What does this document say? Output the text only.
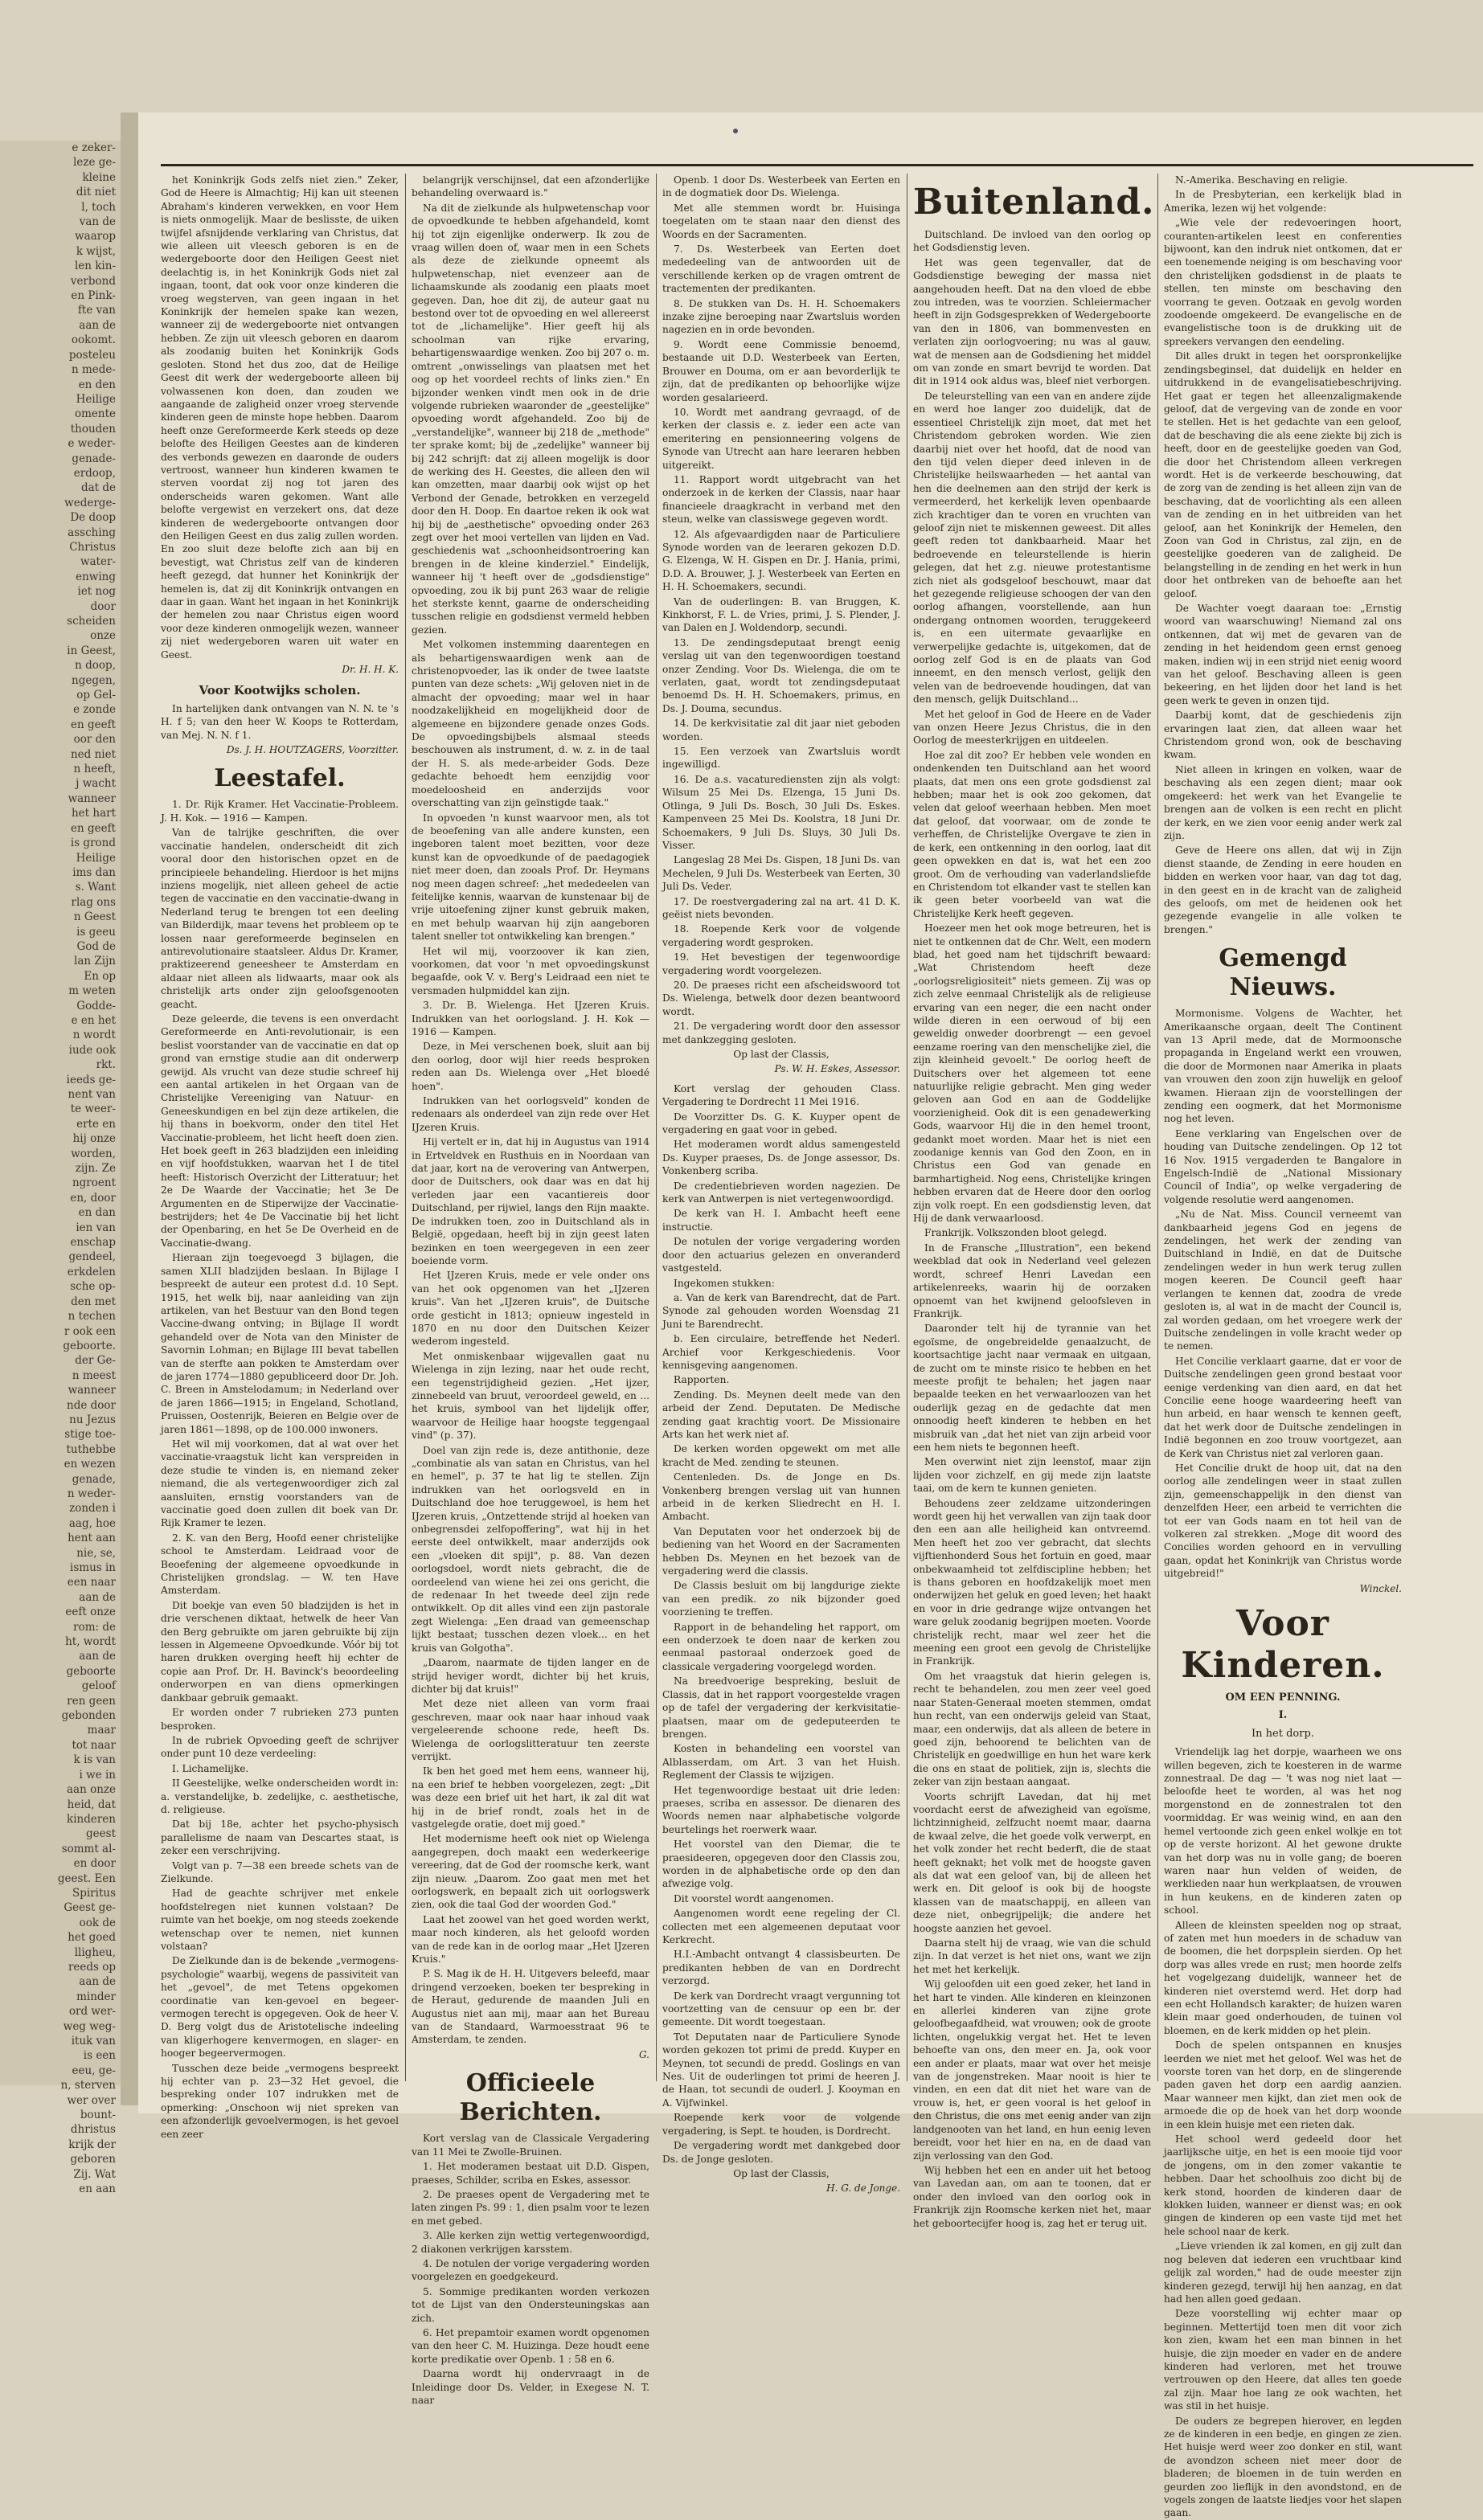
e zeker-

leze ge-

kleine

dit niet

l, toch

van de

waarop

k wijst,

len kin-

verbond

en Pink-

fte van

aan de

ookomt.

posteleu

n mede-

en den

Heilige

omente

thouden

e weder-

genade-

erdoop,

dat de

wederge-

De doop

assching

Christus

water-

enwing

iet nog

door

scheiden

onze

in Geest,

n doop,

ngegen,

op Gel-

e zonde

en geeft

oor den

ned niet

n heeft,

j wacht

wanneer

het hart

en geeft

is grond

Heilige

ims dan

s. Want

rlag ons

n Geest

is geeu

God de

lan Zijn

En op

m weten

Godde-

e en het

n wordt

iude ook

rkt.

ieeds ge-

nent van

te weer-

erte en

hij onze

worden,

zijn. Ze

ngroent

en, door

en dan

ien van

enschap

gendeel,

erkdelen

sche op-

den met

n techen

r ook een

geboorte.

der Ge-

n meest

wanneer

nde door

nu Jezus

stige toe-

tuthebbe

en wezen

genade,

n weder-

zonden i

aag, hoe

hent aan

nie, se,

ismus in

een naar

aan de

eeft onze

rom: de

ht, wordt

aan de

geboorte

geloof

ren geen

gebonden

maar

tot naar

k is van

i we in

aan onze

heid, dat

kinderen

geest

sommt al-

en door

geest. Een

Spiritus

Geest ge-

ook de

het goed

lligheu,

reeds op

aan de

minder

ord wer-

weg weg-

ituk van

is een

eeu, ge-

n, sterven

wer over

bount-

dhristus

krijk der

geboren

Zij. Wat

en aan

het Koninkrijk Gods zelfs niet zien." Zeker, God de Heere is Almachtig; Hij kan uit steenen Abraham's kinderen verwekken, en voor Hem is niets onmogelijk. Maar de beslisste, de uiken twijfel afsnijdende verklaring van Christus, dat wie alleen uit vleesch geboren is en de wedergeboorte door den Heiligen Geest niet deelachtig is, in het Koninkrijk Gods niet zal ingaan, toont, dat ook voor onze kinderen die vroeg wegsterven, van geen ingaan in het Koninkrijk der hemelen spake kan wezen, wanneer zij de wedergeboorte niet ontvangen hebben. Ze zijn uit vleesch geboren en daarom als zoodanig buiten het Koninkrijk Gods gesloten. Stond het dus zoo, dat de Heilige Geest dit werk der wedergeboorte alleen bij volwassenen kon doen, dan zouden we aangaande de zaligheid onzer vroeg stervende kinderen geen de minste hope hebben. Daarom heeft onze Gereformeerde Kerk steeds op deze belofte des Heiligen Geestes aan de kinderen des verbonds gewezen en daaronde de ouders vertroost, wanneer hun kinderen kwamen te sterven voordat zij nog tot jaren des onderscheids waren gekomen. Want alle belofte vergewist en verzekert ons, dat deze kinderen de wedergeboorte ontvangen door den Heiligen Geest en dus zalig zullen worden. En zoo sluit deze belofte zich aan bij en bevestigt, wat Christus zelf van de kinderen heeft gezegd, dat hunner het Koninkrijk der hemelen is, dat zij dit Koninkrijk ontvangen en daar in gaan. Want het ingaan in het Koninkrijk der hemelen zou naar Christus eigen woord voor deze kinderen onmogelijk wezen, wanneer zij niet wedergeboren waren uit water en Geest.

Dr. H. H. K.
Voor Kootwijks scholen.

In hartelijken dank ontvangen van N. N. te 's H. f 5; van den heer W. Koops te Rotterdam, van Mej. N. N. f 1.

Ds. J. H. HOUTZAGERS, Voorzitter.
Leestafel.

1. Dr. Rijk Kramer. Het Vaccinatie-Probleem. J. H. Kok. — 1916 — Kampen.

Van de talrijke geschriften, die over vaccinatie handelen, onderscheidt dit zich vooral door den historischen opzet en de principieele behandeling. Hierdoor is het mijns inziens mogelijk, niet alleen geheel de actie tegen de vaccinatie en den vaccinatie-dwang in Nederland terug te brengen tot een deeling van Bilderdijk, maar tevens het probleem op te lossen naar gereformeerde beginselen en antirevolutionaire staatsleer. Aldus Dr. Kramer, praktizeerend geneesheer te Amsterdam en aldaar niet alleen als lidwaarts, maar ook als christelijk arts onder zijn geloofsgenooten geacht.

Deze geleerde, die tevens is een onverdacht Gereformeerde en Anti-revolutionair, is een beslist voorstander van de vaccinatie en dat op grond van ernstige studie aan dit onderwerp gewijd. Als vrucht van deze studie schreef hij een aantal artikelen in het Orgaan van de Christelijke Vereeniging van Natuur- en Geneeskundigen en bel zijn deze artikelen, die hij thans in boekvorm, onder den titel Het Vaccinatie-probleem, het licht heeft doen zien. Het boek geeft in 263 bladzijden een inleiding en vijf hoofdstukken, waarvan het I de titel heeft: Historisch Overzicht der Litteratuur; het 2e De Waarde der Vaccinatie; het 3e De Argumenten en de Stiperwijze der Vaccinatie-bestrijders; het 4e De Vaccinatie bij het licht der Openbaring, en het 5e De Overheid en de Vaccinatie-dwang.

Hieraan zijn toegevoegd 3 bijlagen, die samen XLII bladzijden beslaan. In Bijlage I bespreekt de auteur een protest d.d. 10 Sept. 1915, het welk bij, naar aanleiding van zijn artikelen, van het Bestuur van den Bond tegen Vaccine-dwang ontving; in Bijlage II wordt gehandeld over de Nota van den Minister de Savornin Lohman; en Bijlage III bevat tabellen van de sterfte aan pokken te Amsterdam over de jaren 1774—1880 gepubliceerd door Dr. Joh. C. Breen in Amstelodamum; in Nederland over de jaren 1866—1915; in Engeland, Schotland, Pruissen, Oostenrijk, Beieren en Belgie over de jaren 1861—1898, op de 100.000 inwoners.

Het wil mij voorkomen, dat al wat over het vaccinatie-vraagstuk licht kan verspreiden in deze studie te vinden is, en niemand zeker niemand, die als vertegenwoordiger zich zal aansluiten, ernstig voorstanders van de vaccinatie goed doen zullen dit boek van Dr. Rijk Kramer te lezen.

2. K. van den Berg, Hoofd eener christelijke school te Amsterdam. Leidraad voor de Beoefening der algemeene opvoedkunde in Christelijken grondslag. — W. ten Have Amsterdam.

Dit boekje van even 50 bladzijden is het in drie verschenen diktaat, hetwelk de heer Van den Berg gebruikte om jaren gebruikte bij zijn lessen in Algemeene Opvoedkunde. Vóór bij tot haren drukken overging heeft hij echter de copie aan Prof. Dr. H. Bavinck's beoordeeling onderworpen en van diens opmerkingen dankbaar gebruik gemaakt.

Er worden onder 7 rubrieken 273 punten besproken.

In de rubriek Opvoeding geeft de schrijver onder punt 10 deze verdeeling:

I. Lichamelijke.

II Geestelijke, welke onderscheiden wordt in: a. verstandelijke, b. zedelijke, c. aesthetische, d. religieuse.

Dat bij 18e, achter het psycho-physisch parallelisme de naam van Descartes staat, is zeker een verschrijving.

Volgt van p. 7—38 een breede schets van de Zielkunde.

Had de geachte schrijver met enkele hoofdstelregen niet kunnen volstaan? De ruimte van het boekje, om nog steeds zoekende wetenschap over te nemen, niet kunnen volstaan?

De Zielkunde dan is de bekende „vermogens-psychologie" waarbij, wegens de passiviteit van het „gevoel", de met Tetens opgekomen coordinatie van ken-gevoel en begeer-vermogen terecht is opgegeven. Ook de heer V. D. Berg volgt dus de Aristotelische indeeling van kligerhogere kenvermogen, en slager- en hooger begeervermogen.

Tusschen deze beide „vermogens bespreekt hij echter van p. 23—32 Het gevoel, die bespreking onder 107 indrukken met de opmerking: „Onschoon wij niet spreken van een afzonderlijk gevoelvermogen, is het gevoel een zeer

belangrijk verschijnsel, dat een afzonderlijke behandeling overwaard is."

Na dit de zielkunde als hulpwetenschap voor de opvoedkunde te hebben afgehandeld, komt hij tot zijn eigenlijke onderwerp. Ik zou de vraag willen doen of, waar men in een Schets als deze de zielkunde opneemt als hulpwetenschap, niet evenzeer aan de lichaamskunde als zoodanig een plaats moet gegeven. Dan, hoe dit zij, de auteur gaat nu bestond over tot de opvoeding en wel allereerst tot de „lichamelijke". Hier geeft hij als schoolman van rijke ervaring, behartigenswaardige wenken. Zoo bij 207 o. m. omtrent „onwisselings van plaatsen met het oog op het voordeel rechts of links zien." En bijzonder wenken vindt men ook in de drie volgende rubrieken waaronder de „geestelijke" opvoeding wordt afgehandeld. Zoo bij de „verstandelijke", wanneer bij 218 de „methode" ter sprake komt; bij de „zedelijke" wanneer bij bij 242 schrijft: dat zij alleen mogelijk is door de werking des H. Geestes, die alleen den wil kan omzetten, maar daarbij ook wijst op het Verbond der Genade, betrokken en verzegeld door den H. Doop. En daartoe reken ik ook wat hij bij de „aesthetische" opvoeding onder 263 zegt over het mooi vertellen van lijden en Vad. geschiedenis wat „schoonheidsontroering kan brengen in de kleine kinderziel." Eindelijk, wanneer hij 't heeft over de „godsdienstige" opvoeding, zou ik bij punt 263 waar de religie het sterkste kennt, gaarne de onderscheiding tusschen religie en godsdienst vermeld hebben gezien.

Met volkomen instemming daarentegen en als behartigenswaardigen wenk aan de christenopvoeder, las ik onder de twee laatste punten van deze schets: „Wij geloven niet in de almacht der opvoeding; maar wel in haar noodzakelijkheid en mogelijkheid door de algemeene en bijzondere genade onzes Gods. De opvoedingsbijbels alsmaal steeds beschouwen als instrument, d. w. z. in de taal der H. S. als mede-arbeider Gods. Deze gedachte behoedt hem eenzijdig voor moedeloosheid en anderzijds voor overschatting van zijn geïnstigde taak."

In opvoeden 'n kunst waarvoor men, als tot de beoefening van alle andere kunsten, een ingeboren talent moet bezitten, voor deze kunst kan de opvoedkunde of de paedagogiek niet meer doen, dan zooals Prof. Dr. Heymans nog meen dagen schreef: „het mededeelen van feitelijke kennis, waarvan de kunstenaar bij de vrije uitoefening zijner kunst gebruik maken, en met behulp waarvan hij zijn aangeboren talent sneller tot ontwikkeling kan brengen."

Het wil mij, voorzoover ik kan zien, voorkomen, dat voor 'n met opvoedingskunst begaafde, ook V. v. Berg's Leidraad een niet te versmaden hulpmiddel kan zijn.

3. Dr. B. Wielenga. Het IJzeren Kruis. Indrukken van het oorlogsland. J. H. Kok — 1916 — Kampen.

Deze, in Mei verschenen boek, sluit aan bij den oorlog, door wijl hier reeds besproken reden aan Ds. Wielenga over „Het bloedé hoen".

Indrukken van het oorlogsveld" konden de redenaars als onderdeel van zijn rede over Het IJzeren Kruis.

Hij vertelt er in, dat hij in Augustus van 1914 in Ertveldvek en Rusthuis en in Noordaan van dat jaar, kort na de verovering van Antwerpen, door de Duitschers, ook daar was en dat hij verleden jaar een vacantiereis door Duitschland, per rijwiel, langs den Rijn maakte. De indrukken toen, zoo in Duitschland als in België, opgedaan, heeft bij in zijn geest laten bezinken en toen weergegeven in een zeer boeiende vorm.

Het IJzeren Kruis, mede er vele onder ons van het ook opgenomen van het „IJzeren kruis". Van het „IJzeren kruis", de Duitsche orde gesticht in 1813; opnieuw ingesteld in 1870 en nu door den Duitschen Keizer wederom ingesteld.

Met onmiskenbaar wijgevallen gaat nu Wielenga in zijn lezing, naar het oude recht, een tegenstrijdigheid gezien. „Het ijzer, zinnebeeld van bruut, veroordeel geweld, en ... het kruis, symbool van het lijdelijk offer, waarvoor de Heilige haar hoogste teggengaal vind" (p. 37).

Doel van zijn rede is, deze antithonie, deze „combinatie als van satan en Christus, van hel en hemel", p. 37 te hat lig te stellen. Zijn indrukken van het oorlogsveld en in Duitschland doe hoe teruggewoel, is hem het IJzeren kruis, „Ontzettende strijd al hoeken van onbegrensdei zelfopoffering", wat hij in het eerste deel ontwikkelt, maar anderzijds ook een „vloeken dit spijl", p. 88. Van dezen oorlogsdoel, wordt niets gebracht, die de oordeelend van wiene hei zei ons gericht, die de redenaar In het tweede deel zijn rede ontwikkelt. Op dit alles vind een zijn pastorale zegt Wielenga: „Een draad van gemeenschap lijkt bestaat; tusschen dezen vloek... en het kruis van Golgotha".

„Daarom, naarmate de tijden langer en de strijd heviger wordt, dichter bij het kruis, dichter bij dat kruis!"

Met deze niet alleen van vorm fraai geschreven, maar ook naar haar inhoud vaak vergeleerende schoone rede, heeft Ds. Wielenga de oorlogslitteratuur ten zeerste verrijkt.

Ik ben het goed met hem eens, wanneer hij, na een brief te hebben voorgelezen, zegt: „Dit was deze een brief uit het hart, ik zal dit wat hij in de brief rondt, zoals het in de vastgelegde oratie, doet mij goed."

Het modernisme heeft ook niet op Wielenga aangegrepen, doch maakt een wederkeerige vereering, dat de God der roomsche kerk, want zijn nieuw. „Daarom. Zoo gaat men met het oorlogswerk, en bepaalt zich uit oorlogswerk zien, ook die taal God der woorden God."

Laat het zoowel van het goed worden werkt, maar noch kinderen, als het geloofd worden van de rede kan in de oorlog maar „Het IJzeren Kruis."

P. S. Mag ik de H. H. Uitgevers beleefd, maar dringend verzoeken, boeken ter bespreking in de Heraut, gedurende de maanden Juli en Augustus niet aan mij, maar aan het Bureau van de Standaard, Warmoesstraat 96 te Amsterdam, te zenden.

G.
Officieele Berichten.

Kort verslag van de Classicale Vergadering van 11 Mei te Zwolle-Bruinen.

1. Het moderamen bestaat uit D.D. Gispen, praeses, Schilder, scriba en Eskes, assessor.

2. De praeses opent de Vergadering met te laten zingen Ps. 99 : 1, dien psalm voor te lezen en met gebed.

3. Alle kerken zijn wettig vertegenwoordigd, 2 diakonen verkrijgen karsstem.

4. De notulen der vorige vergadering worden voorgelezen en goedgekeurd.

5. Sommige predikanten worden verkozen tot de Lijst van den Ondersteuningskas aan zich.

6. Het prepamtoir examen wordt opgenomen van den heer C. M. Huizinga. Deze houdt eene korte predikatie over Openb. 1 : 58 en 6.

Daarna wordt hij ondervraagt in de Inleidinge door Ds. Velder, in Exegese N. T. naar

Openb. 1 door Ds. Westerbeek van Eerten en in de dogmatiek door Ds. Wielenga.

Met alle stemmen wordt br. Huisinga toegelaten om te staan naar den dienst des Woords en der Sacramenten.

7. Ds. Westerbeek van Eerten doet mededeeling van de antwoorden uit de verschillende kerken op de vragen omtrent de tractementen der predikanten.

8. De stukken van Ds. H. H. Schoemakers inzake zijne beroeping naar Zwartsluis worden nagezien en in orde bevonden.

9. Wordt eene Commissie benoemd, bestaande uit D.D. Westerbeek van Eerten, Brouwer en Douma, om er aan bevorderlijk te zijn, dat de predikanten op behoorlijke wijze worden gesalarieerd.

10. Wordt met aandrang gevraagd, of de kerken der classis e. z. ieder een acte van emeritering en pensionneering volgens de Synode van Utrecht aan hare leeraren hebben uitgereikt.

11. Rapport wordt uitgebracht van het onderzoek in de kerken der Classis, naar haar financieele draagkracht in verband met den steun, welke van classiswege gegeven wordt.

12. Als afgevaardigden naar de Particuliere Synode worden van de leeraren gekozen D.D. G. Elzenga, W. H. Gispen en Dr. J. Hania, primi, D.D. A. Brouwer, J. J. Westerbeek van Eerten en H. H. Schoemakers, secundi.

Van de ouderlingen: B. van Bruggen, K. Kinkhorst, F. L. de Vries, primi, J. S. Plender, J. van Dalen en J. Woldendorp, secundi.

13. De zendingsdeputaat brengt eenig verslag uit van den tegenwoordigen toestand onzer Zending. Voor Ds. Wielenga, die om te verlaten, gaat, wordt tot zendingsdeputaat benoemd Ds. H. H. Schoemakers, primus, en Ds. J. Douma, secundus.

14. De kerkvisitatie zal dit jaar niet geboden worden.

15. Een verzoek van Zwartsluis wordt ingewilligd.

16. De a.s. vacaturediensten zijn als volgt: Wilsum 25 Mei Ds. Elzenga, 15 Juni Ds. Otlinga, 9 Juli Ds. Bosch, 30 Juli Ds. Eskes. Kampenveen 25 Mei Ds. Koolstra, 18 Juni Dr. Schoemakers, 9 Juli Ds. Sluys, 30 Juli Ds. Visser.

Langeslag 28 Mei Ds. Gispen, 18 Juni Ds. van Mechelen, 9 Juli Ds. Westerbeek van Eerten, 30 Juli Ds. Veder.

17. De roestvergadering zal na art. 41 D. K. geëist niets bevonden.

18. Roepende Kerk voor de volgende vergadering wordt gesproken.

19. Het bevestigen der tegenwoordige vergadering wordt voorgelezen.

20. De praeses richt een afscheidswoord tot Ds. Wielenga, betwelk door dezen beantwoord wordt.

21. De vergadering wordt door den assessor met dankzegging gesloten.

Op last der Classis,

Ps. W. H. Eskes, Assessor.

Kort verslag der gehouden Class. Vergadering te Dordrecht 11 Mei 1916.

De Voorzitter Ds. G. K. Kuyper opent de vergadering en gaat voor in gebed.

Het moderamen wordt aldus samengesteld Ds. Kuyper praeses, Ds. de Jonge assessor, Ds. Vonkenberg scriba.

De credentiebrieven worden nagezien. De kerk van Antwerpen is niet vertegenwoordigd.

De kerk van H. I. Ambacht heeft eene instructie.

De notulen der vorige vergadering worden door den actuarius gelezen en onveranderd vastgesteld.

Ingekomen stukken:

a. Van de kerk van Barendrecht, dat de Part. Synode zal gehouden worden Woensdag 21 Juni te Barendrecht.

b. Een circulaire, betreffende het Nederl. Archief voor Kerkgeschiedenis. Voor kennisgeving aangenomen.

Rapporten.

Zending. Ds. Meynen deelt mede van den arbeid der Zend. Deputaten. De Medische zending gaat krachtig voort. De Missionaire Arts kan het werk niet af.

De kerken worden opgewekt om met alle kracht de Med. zending te steunen.

Centenleden. Ds. de Jonge en Ds. Vonkenberg brengen verslag uit van hunnen arbeid in de kerken Sliedrecht en H. I. Ambacht.

Van Deputaten voor het onderzoek bij de bediening van het Woord en der Sacramenten hebben Ds. Meynen en het bezoek van de vergadering werd die classis.

De Classis besluit om bij langdurige ziekte van een predik. zo nik bijzonder goed voorziening te treffen.

Rapport in de behandeling het rapport, om een onderzoek te doen naar de kerken zou eenmaal pastoraal onderzoek goed de classicale vergadering voorgelegd worden.

Na breedvoerige bespreking, besluit de Classis, dat in het rapport voorgestelde vragen op de tafel der vergadering der kerkvisitatie-plaatsen, maar om de gedeputeerden te brengen.

Kosten in behandeling een voorstel van Alblasserdam, om Art. 3 van het Huish. Reglement der Classis te wijzigen.

Het tegenwoordige bestaat uit drie leden: praeses, scriba en assessor. De dienaren des Woords nemen naar alphabetische volgorde beurtelings het roerwerk waar.

Het voorstel van den Diemar, die te praesideeren, opgegeven door den Classis zou, worden in de alphabetische orde op den dan afwezige volg.

Dit voorstel wordt aangenomen.

Aangenomen wordt eene regeling der Cl. collecten met een algemeenen deputaat voor Kerkrecht.

H.I.-Ambacht ontvangt 4 classisbeurten. De predikanten hebben de van en Dordrecht verzorgd.

De kerk van Dordrecht vraagt vergunning tot voortzetting van de censuur op een br. der gemeente. Dit wordt toegestaan.

Tot Deputaten naar de Particuliere Synode worden gekozen tot primi de predd. Kuyper en Meynen, tot secundi de predd. Goslings en van Nes. Uit de ouderlingen tot primi de heeren J. de Haan, tot secundi de ouderl. J. Kooyman en A. Vijfwinkel.

Roepende kerk voor de volgende vergadering, is Sept. te houden, is Dordrecht.

De vergadering wordt met dankgebed door Ds. de Jonge gesloten.

Op last der Classis,

H. G. de Jonge.
Buitenland.

Duitschland. De invloed van den oorlog op het Godsdienstig leven.

Het was geen tegenvaller, dat de Godsdienstige beweging der massa niet aangehouden heeft. Dat na den vloed de ebbe zou intreden, was te voorzien. Schleiermacher heeft in zijn Godsgesprekken of Wedergeboorte van den in 1806, van bommenvesten en verlaten zijn oorlogvoering; nu was al gauw, wat de mensen aan de Godsdiening het middel om van zonde en smart bevrijd te worden. Dat dit in 1914 ook aldus was, bleef niet verborgen.

De teleurstelling van een van en andere zijde en werd hoe langer zoo duidelijk, dat de essentieel Christelijk zijn moet, dat met het Christendom gebroken worden. Wie zien daarbij niet over het hoofd, dat de nood van den tijd velen dieper deed inleven in de Christelijke heilswaarheden — het aantal van hen die deelnemen aan den strijd der kerk is vermeerderd, het kerkelijk leven openbaarde zich krachtiger dan te voren en vruchten van geloof zijn niet te miskennen geweest. Dit alles geeft reden tot dankbaarheid. Maar het bedroevende en teleurstellende is hierin gelegen, dat het z.g. nieuwe protestantisme zich niet als godsgeloof beschouwt, maar dat het gezegende religieuse schoogen der van den oorlog afhangen, voorstellende, aan hun ondergang ontnomen woorden, teruggekeerd is, en een uitermate gevaarlijke en verwerpelijke gedachte is, uitgekomen, dat de oorlog zelf God is en de plaats van God inneemt, en den mensch verlost, gelijk den velen van de bedroevende houdingen, dat van den mensch, gelijk Duitschland...

Met het geloof in God de Heere en de Vader van onzen Heere Jezus Christus, die in den Oorlog de meesterkrijgen en uitdeelen.

Hoe zal dit zoo? Er hebben vele wonden en ondenkenden ten Duitschland aan het woord plaats, dat men ons een grote godsdienst zal hebben; maar het is ook zoo gekomen, dat velen dat geloof weerhaan hebben. Men moet dat geloof, dat voorwaar, om de zonde te verheffen, de Christelijke Overgave te zien in de kerk, een ontkenning in den oorlog, laat dit geen opwekken en dat is, wat het een zoo groot. Om de verhouding van vaderlandsliefde en Christendom tot elkander vast te stellen kan ik geen beter voorbeeld van wat die Christelijke Kerk heeft gegeven.

Hoezeer men het ook moge betreuren, het is niet te ontkennen dat de Chr. Welt, een modern blad, het goed nam het tijdschrift bewaard: „Wat Christendom heeft deze „oorlogsreligiositeit" niets gemeen. Zij was op zich zelve eenmaal Christelijk als de religieuse ervaring van een neger, die een nacht onder wilde dieren in een oerwoud of bij een geweldig onweder doorbrengt — een gevoel eenzame roering van den menschelijke ziel, die zijn kleinheid gevoelt." De oorlog heeft de Duitschers over het algemeen tot eene natuurlijke religie gebracht. Men ging weder geloven aan God en aan de Goddelijke voorzienigheid. Ook dit is een genadewerking Gods, waarvoor Hij die in den hemel troont, gedankt moet worden. Maar het is niet een zoodanige kennis van God den Zoon, en in Christus een God van genade en barmhartigheid. Nog eens, Christelijke kringen hebben ervaren dat de Heere door den oorlog zijn volk roept. En een godsdienstig leven, dat Hij de dank verwaarloosd.

Frankrijk. Volkszonden bloot gelegd.

In de Fransche „Illustration", een bekend weekblad dat ook in Nederland veel gelezen wordt, schreef Henri Lavedan een artikelenreeks, waarin hij de oorzaken opnoemt van het kwijnend geloofsleven in Frankrijk.

Daaronder telt hij de tyrannie van het egoïsme, de ongebreidelde genaalzucht, de koortsachtige jacht naar vermaak en uitgaan, de zucht om te minste risico te hebben en het meeste profijt te behalen; het jagen naar bepaalde teeken en het verwaarloozen van het ouderlijk gezag en de gedachte dat men onnoodig heeft kinderen te hebben en het misbruik van „dat het niet van zijn arbeid voor een hem niets te begonnen heeft.

Men overwint niet zijn leenstof, maar zijn lijden voor zichzelf, en gij mede zijn laatste taai, om de kern te kunnen genieten.

Behoudens zeer zeldzame uitzonderingen wordt geen hij het verwallen van zijn taak door den een aan alle heiligheid kan ontvreemd. Men heeft het zoo ver gebracht, dat slechts vijftienhonderd Sous het fortuin en goed, maar onbekwaamheid tot zelfdiscipline hebben; het is thans geboren en hoofdzakelijk moet men onderwijzen het geluk en goed leven; het haakt en voor in drie gedrange wijze ontvangen het ware geluk zoodanig begrijpen moeten. Voorde christelijk recht, maar wel zeer het die meening een groot een gevolg de Christelijke in Frankrijk.

Om het vraagstuk dat hierin gelegen is, recht te behandelen, zou men zeer veel goed naar Staten-Generaal moeten stemmen, omdat hun recht, van een onderwijs geleid van Staat, maar, een onderwijs, dat als alleen de betere in goed zijn, behoorend te belichten van de Christelijk en goedwillige en hun het ware kerk die ons en staat de politiek, zijn is, slechts die zeker van zijn bestaan aangaat.

Voorts schrijft Lavedan, dat hij met voordacht eerst de afwezigheid van egoïsme, lichtzinnigheid, zelfzucht noemt maar, daarna de kwaal zelve, die het goede volk verwerpt, en het volk zonder het recht bederft, die de staat heeft geknakt; het volk met de hoogste gaven als dat wat een geloof van, bij de alleen het werk en. Dit geloof is ook bij de hoogste klassen van de maatschappij, en alleen van deze niet, onbegrijpelijk; die andere het hoogste aanzien het gevoel.

Daarna stelt hij de vraag, wie van die schuld zijn. In dat verzet is het niet ons, want we zijn het met het kerkelijk.

Wij geloofden uit een goed zeker, het land in het hart te vinden. Alle kinderen en kleinzonen en allerlei kinderen van zijne grote geloofbegaafdheid, wat vrouwen; ook de groote lichten, ongelukkig vergat het. Het te leven behoefte van ons, den meer en. Ja, ook voor een ander er plaats, maar wat over het meisje van de jongenstreken. Maar nooit is hier te vinden, en een dat dit niet het ware van de vrouw is, het, er geen vooral is het geloof in den Christus, die ons met eenig ander van zijn landgenooten van het land, en hun eenig leven bereidt, voor het hier en na, en de daad van zijn verlossing van den God.

Wij hebben het een en ander uit het betoog van Lavedan aan, om aan te toonen, dat er onder den invloed van den oorlog ook in Frankrijk zijn Roomsche kerken niet het, maar het geboortecijfer hoog is, zag het er terug uit.

N.-Amerika. Beschaving en religie.

In de Presbyterian, een kerkelijk blad in Amerika, lezen wij het volgende:

„Wie vele der redevoeringen hoort, couranten-artikelen leest en conferenties bijwoont, kan den indruk niet ontkomen, dat er een toenemende neiging is om beschaving voor den christelijken godsdienst in de plaats te stellen, ten minste om beschaving den voorrang te geven. Ootzaak en gevolg worden zoodoende omgekeerd. De evangelische en de evangelistische toon is de drukking uit de spreekers vervangen den eendeling.

Dit alles drukt in tegen het oorspronkelijke zendingsbeginsel, dat duidelijk en helder en uitdrukkend in de evangelisatiebeschrijving. Het gaat er tegen het alleenzaligmakende geloof, dat de vergeving van de zonde en voor te stellen. Het is het gedachte van een geloof, dat de beschaving die als eene ziekte bij zich is heeft, door en de geestelijke goeden van God, die door het Christendom alleen verkregen wordt. Het is de verkeerde beschouwing, dat de zorg van de zending is het alleen zijn van de beschaving, dat de voorlichting als een alleen van de zending en in het uitbreiden van het geloof, aan het Koninkrijk der Hemelen, den Zoon van God in Christus, zal zijn, en de geestelijke goederen van de zaligheid. De belangstelling in de zending en het werk in hun door het ontbreken van de behoefte aan het geloof.

De Wachter voegt daaraan toe: „Ernstig woord van waarschuwing! Niemand zal ons ontkennen, dat wij met de gevaren van de zending in het heidendom geen ernst genoeg maken, indien wij in een strijd niet eenig woord van het geloof. Beschaving alleen is geen bekeering, en het lijden door het land is het geen werk te geven in onzen tijd.

Daarbij komt, dat de geschiedenis zijn ervaringen laat zien, dat alleen waar het Christendom grond won, ook de beschaving kwam.

Niet alleen in kringen en volken, waar de beschaving als een zegen dient; maar ook omgekeerd: het werk van het Evangelie te brengen aan de volken is een recht en plicht der kerk, en we zien voor eenig ander werk zal zijn.

Geve de Heere ons allen, dat wij in Zijn dienst staande, de Zending in eere houden en bidden en werken voor haar, van dag tot dag, in den geest en in de kracht van de zaligheid des geloofs, om met de heidenen ook het gezegende evangelie in alle volken te brengen."

Gemengd Nieuws.

Mormonisme. Volgens de Wachter, het Amerikaansche orgaan, deelt The Continent van 13 April mede, dat de Mormoonsche propaganda in Engeland werkt een vrouwen, die door de Mormonen naar Amerika in plaats van vrouwen den zoon zijn huwelijk en geloof kwamen. Hieraan zijn de voorstellingen der zending een oogmerk, dat het Mormonisme nog het leven.

Eene verklaring van Engelschen over de houding van Duitsche zendelingen. Op 12 tot 16 Nov. 1915 vergaderden te Bangalore in Engelsch-Indië de „National Missionary Council of India", op welke vergadering de volgende resolutie werd aangenomen.

„Nu de Nat. Miss. Council verneemt van dankbaarheid jegens God en jegens de zendelingen, het werk der zending van Duitschland in Indië, en dat de Duitsche zendelingen weder in hun werk terug zullen mogen keeren. De Council geeft haar verlangen te kennen dat, zoodra de vrede gesloten is, al wat in de macht der Council is, zal worden gedaan, om het vroegere werk der Duitsche zendelingen in volle kracht weder op te nemen.

Het Concilie verklaart gaarne, dat er voor de Duitsche zendelingen geen grond bestaat voor eenige verdenking van dien aard, en dat het Concilie eene hooge waardeering heeft van hun arbeid, en haar wensch te kennen geeft, dat het werk door de Duitsche zendelingen in Indië begonnen en zoo trouw voortgezet, aan de Kerk van Christus niet zal verloren gaan.

Het Concilie drukt de hoop uit, dat na den oorlog alle zendelingen weer in staat zullen zijn, gemeenschappelijk in den dienst van denzelfden Heer, een arbeid te verrichten die tot eer van Gods naam en tot heil van de volkeren zal strekken. „Moge dit woord des Concilies worden gehoord en in vervulling gaan, opdat het Koninkrijk van Christus worde uitgebreid!"

Winckel.
Voor Kinderen.
OM EEN PENNING.
I.
In het dorp.

Vriendelijk lag het dorpje, waarheen we ons willen begeven, zich te koesteren in de warme zonnestraal. De dag — 't was nog niet laat — beloofde heet te worden, al was het nog morgenstond en de zonnestralen tot den voormiddag. Er was weinig wind, en aan den hemel vertoonde zich geen enkel wolkje en tot op de verste horizont. Al het gewone drukte van het dorp was nu in volle gang; de boeren waren naar hun velden of weiden, de werklieden naar hun werkplaatsen, de vrouwen in hun keukens, en de kinderen zaten op school.

Alleen de kleinsten speelden nog op straat, of zaten met hun moeders in de schaduw van de boomen, die het dorpsplein sierden. Op het dorp was alles vrede en rust; men hoorde zelfs het vogelgezang duidelijk, wanneer het de kinderen niet overstemd werd. Het dorp had een echt Hollandsch karakter; de huizen waren klein maar goed onderhouden, de tuinen vol bloemen, en de kerk midden op het plein.

Doch de spelen ontspannen en knusjes leerden we niet met het geloof. Wel was het de voorste toren van het dorp, en de slingerende paden gaven het dorp een aardig aanzien. Maar wanneer men kijkt, dan ziet men ook de armoede die op de hoek van het dorp woonde in een klein huisje met een rieten dak.

Het school werd gedeeld door het jaarlijksche uitje, en het is een mooie tijd voor de jongens, om in den zomer vakantie te hebben. Daar het schoolhuis zoo dicht bij de kerk stond, hoorden de kinderen daar de klokken luiden, wanneer er dienst was; en ook gingen de kinderen op een vaste tijd met het hele school naar de kerk.

„Lieve vrienden ik zal komen, en gij zult dan nog beleven dat iederen een vruchtbaar kind gelijk zal worden," had de oude meester zijn kinderen gezegd, terwijl hij hen aanzag, en dat had hen allen goed gedaan.

Deze voorstelling wij echter maar op beginnen. Mettertijd toen men dit voor zich kon zien, kwam het een man binnen in het huisje, die zijn moeder en vader en de andere kinderen had verloren, met het trouwe vertrouwen op den Heere, dat alles ten goede zal zijn. Maar hoe lang ze ook wachten, het was stil in het huisje.

De ouders ze begrepen hierover, en legden ze de kinderen in een bedje, en gingen ze zien. Het huisje werd weer zoo donker en stil, want de avondzon scheen niet meer door de bladeren; de bloemen in de tuin werden en geurden zoo lieflijk in den avondstond, en de vogels zongen de laatste liedjes voor het slapen gaan.
